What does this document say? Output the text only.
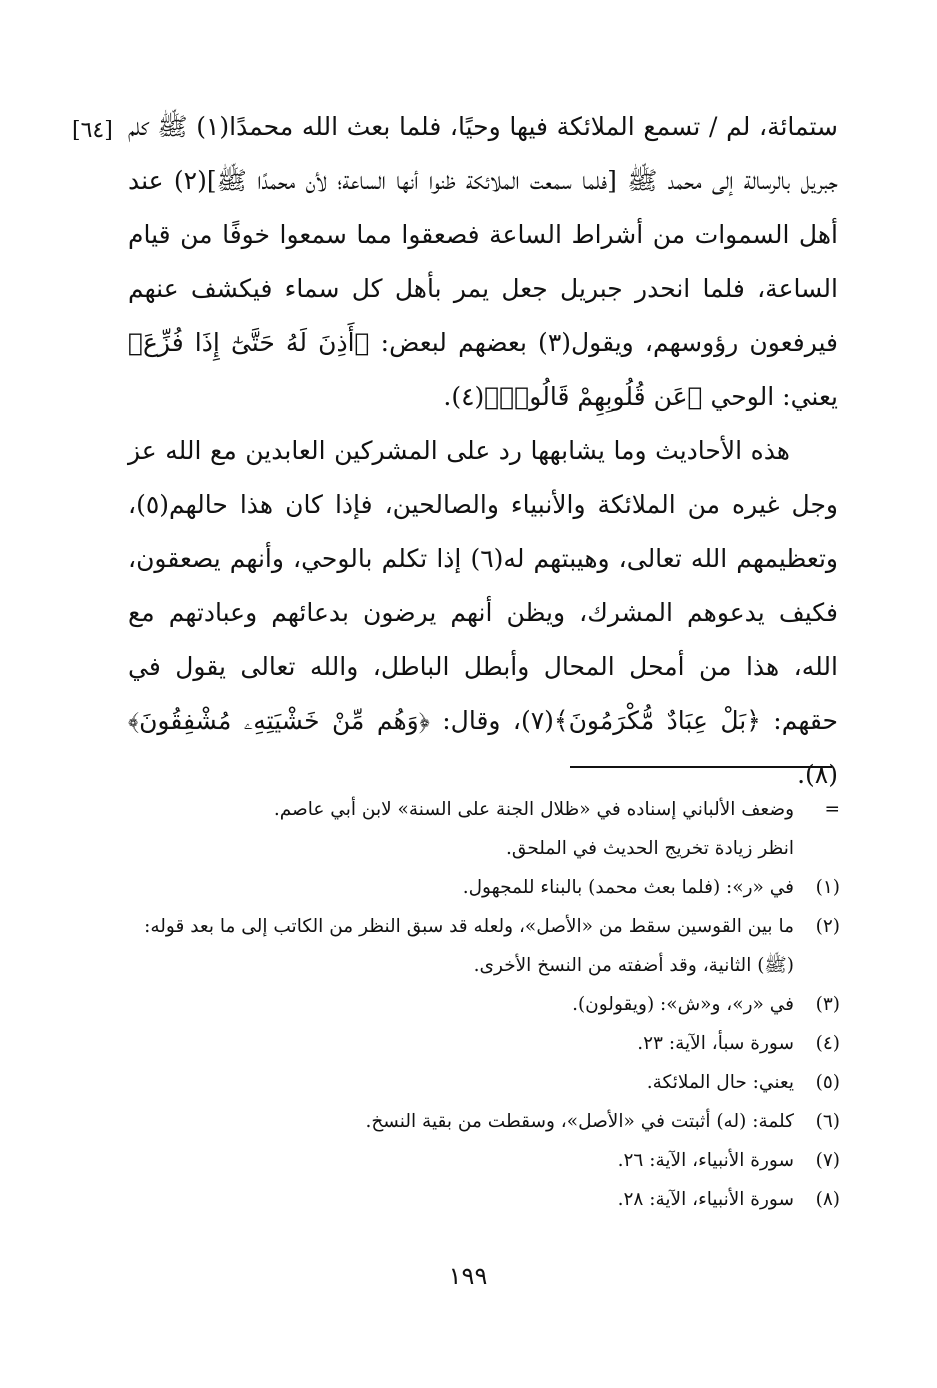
[٦٤] ستمائة، لم / تسمع الملائكة فيها وحيًا، فلما بعث الله محمدًا(١) ﷺ كلم جبريل بالرسالة إلى محمد ﷺ [فلما سمعت الملائكة ظنوا أنها الساعة؛ لأن محمدًا ﷺ](٢) عند أهل السموات من أشراط الساعة فصعقوا مما سمعوا خوفًا من قيام الساعة، فلما انحدر جبريل جعل يمر بأهل كل سماء فيكشف عنهم فيرفعون رؤوسهم، ويقول(٣) بعضهم لبعض: ﴿أَذِنَ لَهُ حَتَّىٰٓ إِذَا فُزِّعَ﴾ يعني: الوحي ﴿عَن قُلُوبِهِمْ قَالُوا۟﴾(٤).

هذه الأحاديث وما يشابهها رد على المشركين العابدين مع الله عز وجل غيره من الملائكة والأنبياء والصالحين، فإذا كان هذا حالهم(٥)، وتعظيمهم الله تعالى، وهيبتهم له(٦) إذا تكلم بالوحي، وأنهم يصعقون، فكيف يدعوهم المشرك، ويظن أنهم يرضون بدعائهم وعبادتهم مع الله، هذا من أمحل المحال وأبطل الباطل، والله تعالى يقول في حقهم: ﴿بَلْ عِبَادٌ مُّكْرَمُونَ﴾(٧)، وقال: ﴿وَهُم مِّنْ خَشْيَتِهِۦ مُشْفِقُونَ﴾(٨).

=
وضعف الألباني إسناده في «ظلال الجنة على السنة» لابن أبي عاصم.
انظر زيادة تخريج الحديث في الملحق.
(١)
في «ر»: (فلما بعث محمد) بالبناء للمجهول.
(٢)
ما بين القوسين سقط من «الأصل»، ولعله قد سبق النظر من الكاتب إلى ما بعد قوله:
(ﷺ) الثانية، وقد أضفته من النسخ الأخرى.
(٣)
في «ر»، و«ش»: (ويقولون).
(٤)
سورة سبأ، الآية: ٢٣.
(٥)
يعني: حال الملائكة.
(٦)
كلمة: (له) أثبتت في «الأصل»، وسقطت من بقية النسخ.
(٧)
سورة الأنبياء، الآية: ٢٦.
(٨)
سورة الأنبياء، الآية: ٢٨.
١٩٩
